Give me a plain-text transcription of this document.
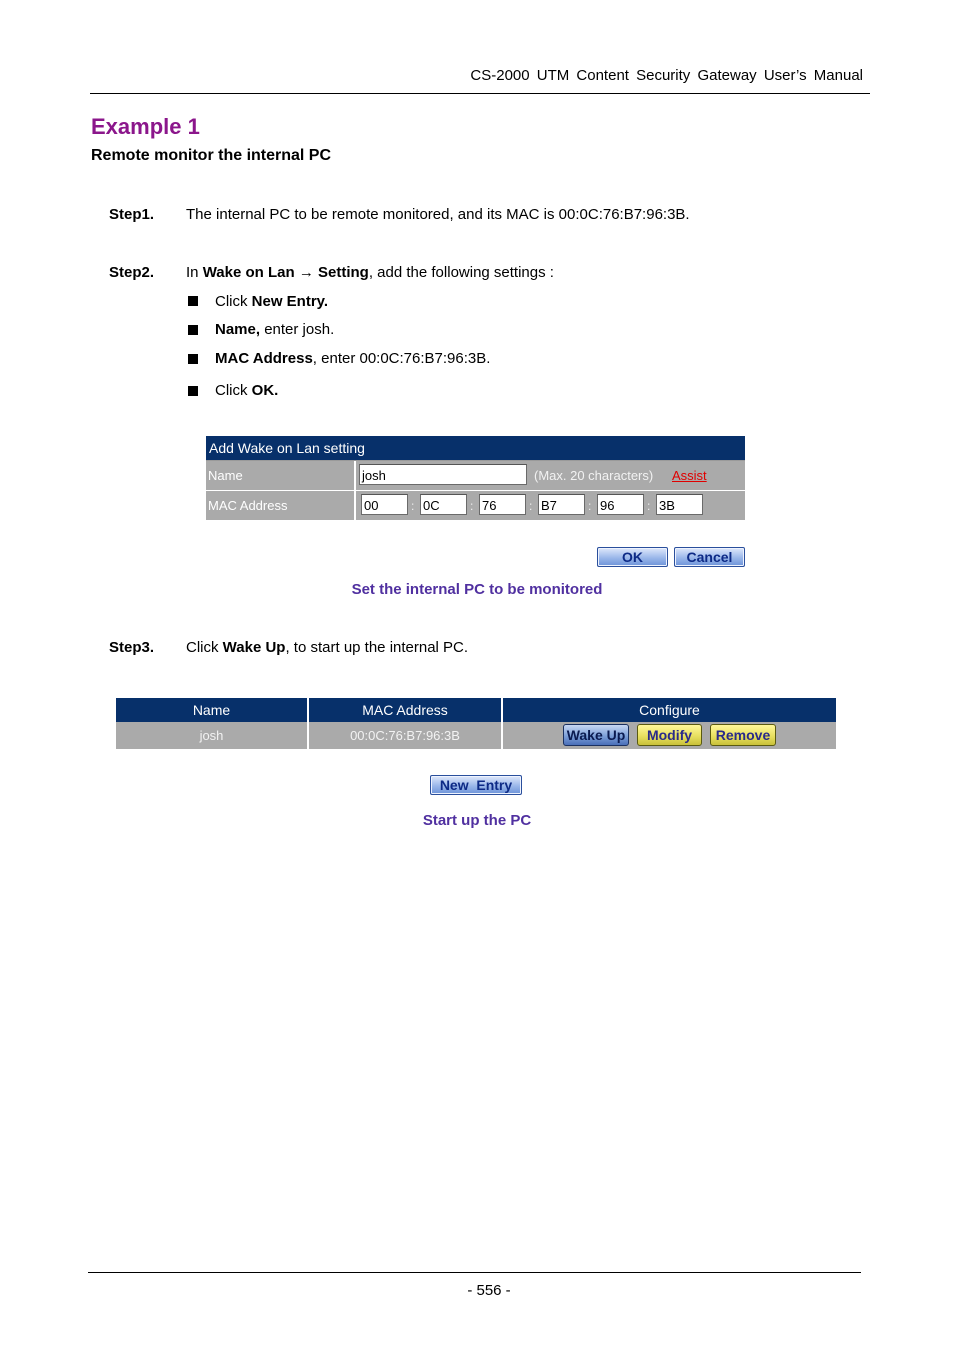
CS-2000 UTM Content Security Gateway User’s Manual
Example 1
Remote monitor the internal PC
Step1. The internal PC to be remote monitored, and its MAC is 00:0C:76:B7:96:3B.
Step2. In Wake on Lan → Setting, add the following settings :
Click New Entry.
Name, enter josh.
MAC Address, enter 00:0C:76:B7:96:3B.
Click OK.
Add Wake on Lan setting
Name	josh	(Max. 20 characters) Assist
MAC Address	00	: 0C	: 76	: B7	: 96	: 3B
OK	Cancel
Set the internal PC to be monitored
Step3. Click Wake Up, to start up the internal PC.
Name	MAC Address	Configure
josh	00:0C:76:B7:96:3B	Wake Up	Modify	Remove
New  Entry
Start up the PC
- 556 -
